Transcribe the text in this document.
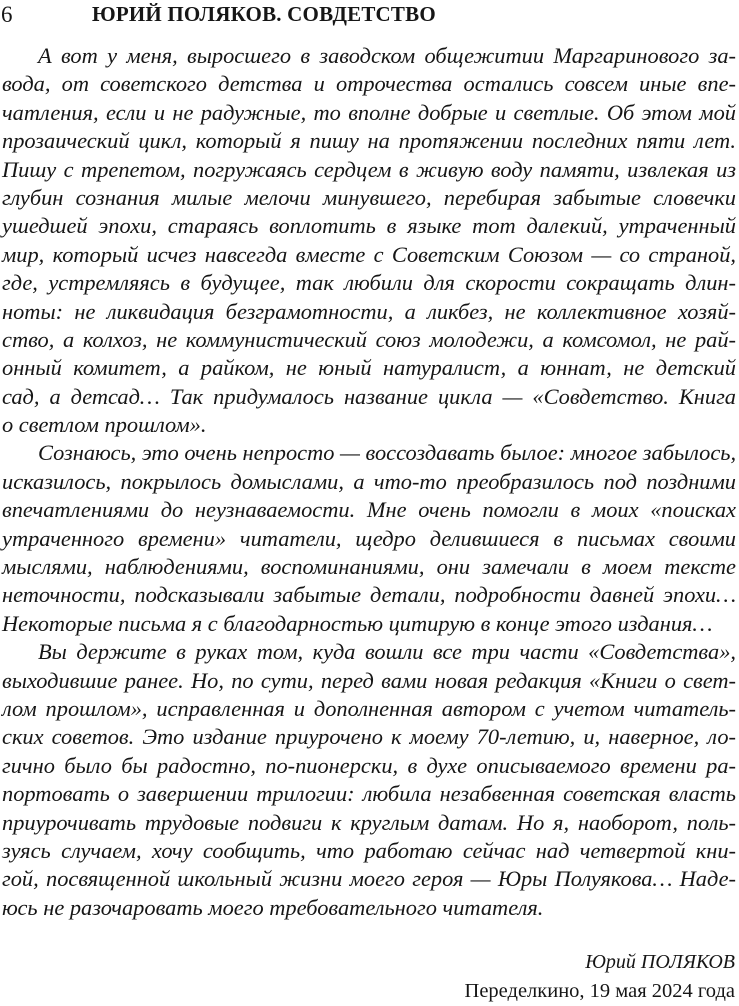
6	ЮРИЙ ПОЛЯКОВ. СОВДЕТСТВО
А вот у меня, выросшего в заводском общежитии Маргаринового за-
вода, от советского детства и отрочества остались совсем иные впе-
чатления, если и не радужные, то вполне добрые и светлые. Об этом мой
прозаический цикл, который я пишу на протяжении последних пяти лет.
Пишу с трепетом, погружаясь сердцем в живую воду памяти, извлекая из
глубин сознания милые мелочи минувшего, перебирая забытые словечки
ушедшей эпохи, стараясь воплотить в языке тот далекий, утраченный
мир, который исчез навсегда вместе с Советским Союзом — со страной,
где, устремляясь в будущее, так любили для скорости сокращать длин-
ноты: не ликвидация безграмотности, а ликбез, не коллективное хозяй-
ство, а колхоз, не коммунистический союз молодежи, а комсомол, не рай-
онный комитет, а райком, не юный натуралист, а юннат, не детский
сад, а детсад… Так придумалось название цикла — «Совдетство. Книга
о светлом прошлом».
Сознаюсь, это очень непросто — воссоздавать былое: многое забылось,
исказилось, покрылось домыслами, а что-то преобразилось под поздними
впечатлениями до неузнаваемости. Мне очень помогли в моих «поисках
утраченного времени» читатели, щедро делившиеся в письмах своими
мыслями, наблюдениями, воспоминаниями, они замечали в моем тексте
неточности, подсказывали забытые детали, подробности давней эпохи…
Некоторые письма я с благодарностью цитирую в конце этого издания…
Вы держите в руках том, куда вошли все три части «Совдетства»,
выходившие ранее. Но, по сути, перед вами новая редакция «Книги о свет-
лом прошлом», исправленная и дополненная автором с учетом читатель-
ских советов. Это издание приурочено к моему 70-летию, и, наверное, ло-
гично было бы радостно, по-пионерски, в духе описываемого времени ра-
портовать о завершении трилогии: любила незабвенная советская власть
приурочивать трудовые подвиги к круглым датам. Но я, наоборот, поль-
зуясь случаем, хочу сообщить, что работаю сейчас над четвертой кни-
гой, посвященной школьный жизни моего героя — Юры Полуякова… Наде-
юсь не разочаровать моего требовательного читателя.
Юрий ПОЛЯКОВ
Переделкино, 19 мая 2024 года
